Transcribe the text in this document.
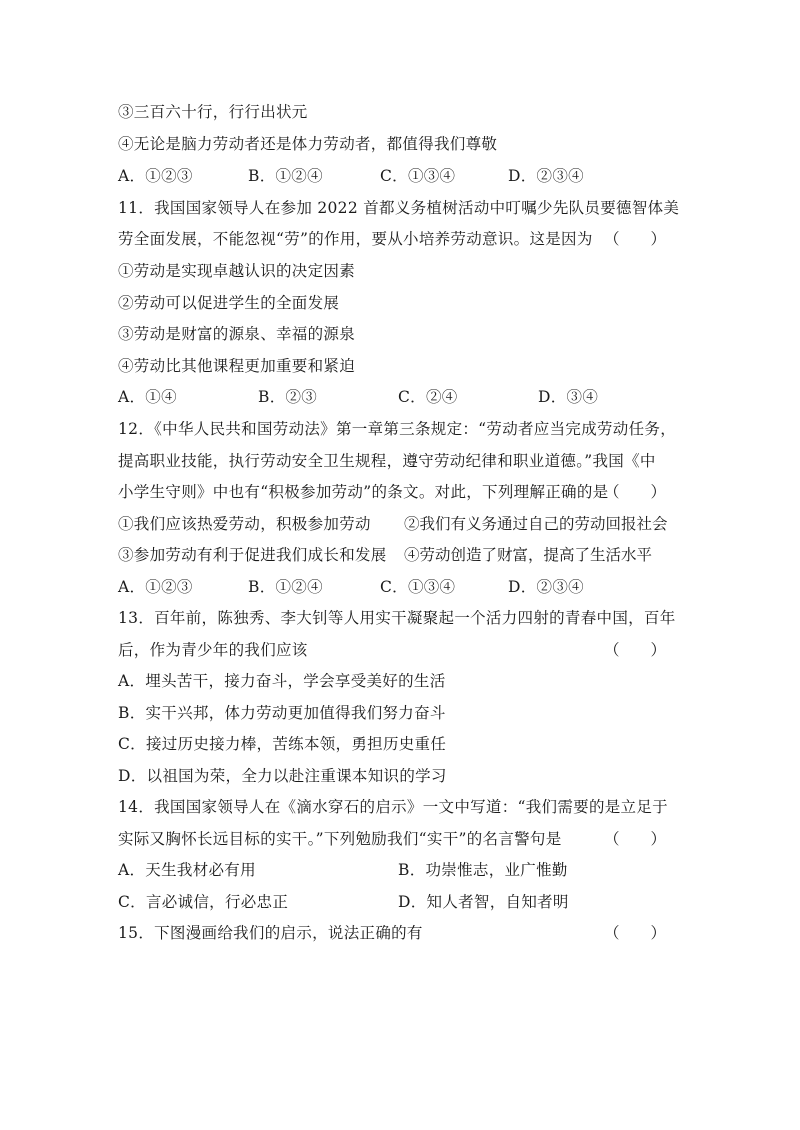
③三百六十行，行行出状元
④无论是脑力劳动者还是体力劳动者，都值得我们尊敬
A．①②③	B．①②④	C．①③④	D．②③④
11．我国国家领导人在参加 2022 首都义务植树活动中叮嘱少先队员要德智体美
劳全面发展，不能忽视“劳”的作用，要从小培养劳动意识。这是因为 （　　）
①劳动是实现卓越认识的决定因素
②劳动可以促进学生的全面发展
③劳动是财富的源泉、幸福的源泉
④劳动比其他课程更加重要和紧迫
A．①④	B．②③	C．②④	D．③④
12．《中华人民共和国劳动法》第一章第三条规定：“劳动者应当完成劳动任务，
提高职业技能，执行劳动安全卫生规程，遵守劳动纪律和职业道德。”我国《中
小学生守则》中也有“积极参加劳动”的条文。对此，下列理解正确的是
（　　）
①我们应该热爱劳动，积极参加劳动 ②我们有义务通过自己的劳动回报社会
③参加劳动有利于促进我们成长和发展 ④劳动创造了财富，提高了生活水平
A．①②③	B．①②④	C．①③④	D．②③④
13．百年前，陈独秀、李大钊等人用实干凝聚起一个活力四射的青春中国，百年
后，作为青少年的我们应该	（　　）
A．埋头苦干，接力奋斗，学会享受美好的生活
B．实干兴邦，体力劳动更加值得我们努力奋斗
C．接过历史接力棒，苦练本领，勇担历史重任
D．以祖国为荣，全力以赴注重课本知识的学习
14．我国国家领导人在《滴水穿石的启示》一文中写道：“我们需要的是立足于
实际又胸怀长远目标的实干。”下列勉励我们“实干”的名言警句是	（　　）
A．天生我材必有用	B．功崇惟志，业广惟勤
C．言必诚信，行必忠正	D．知人者智，自知者明
15．下图漫画给我们的启示，说法正确的有	（　　）
